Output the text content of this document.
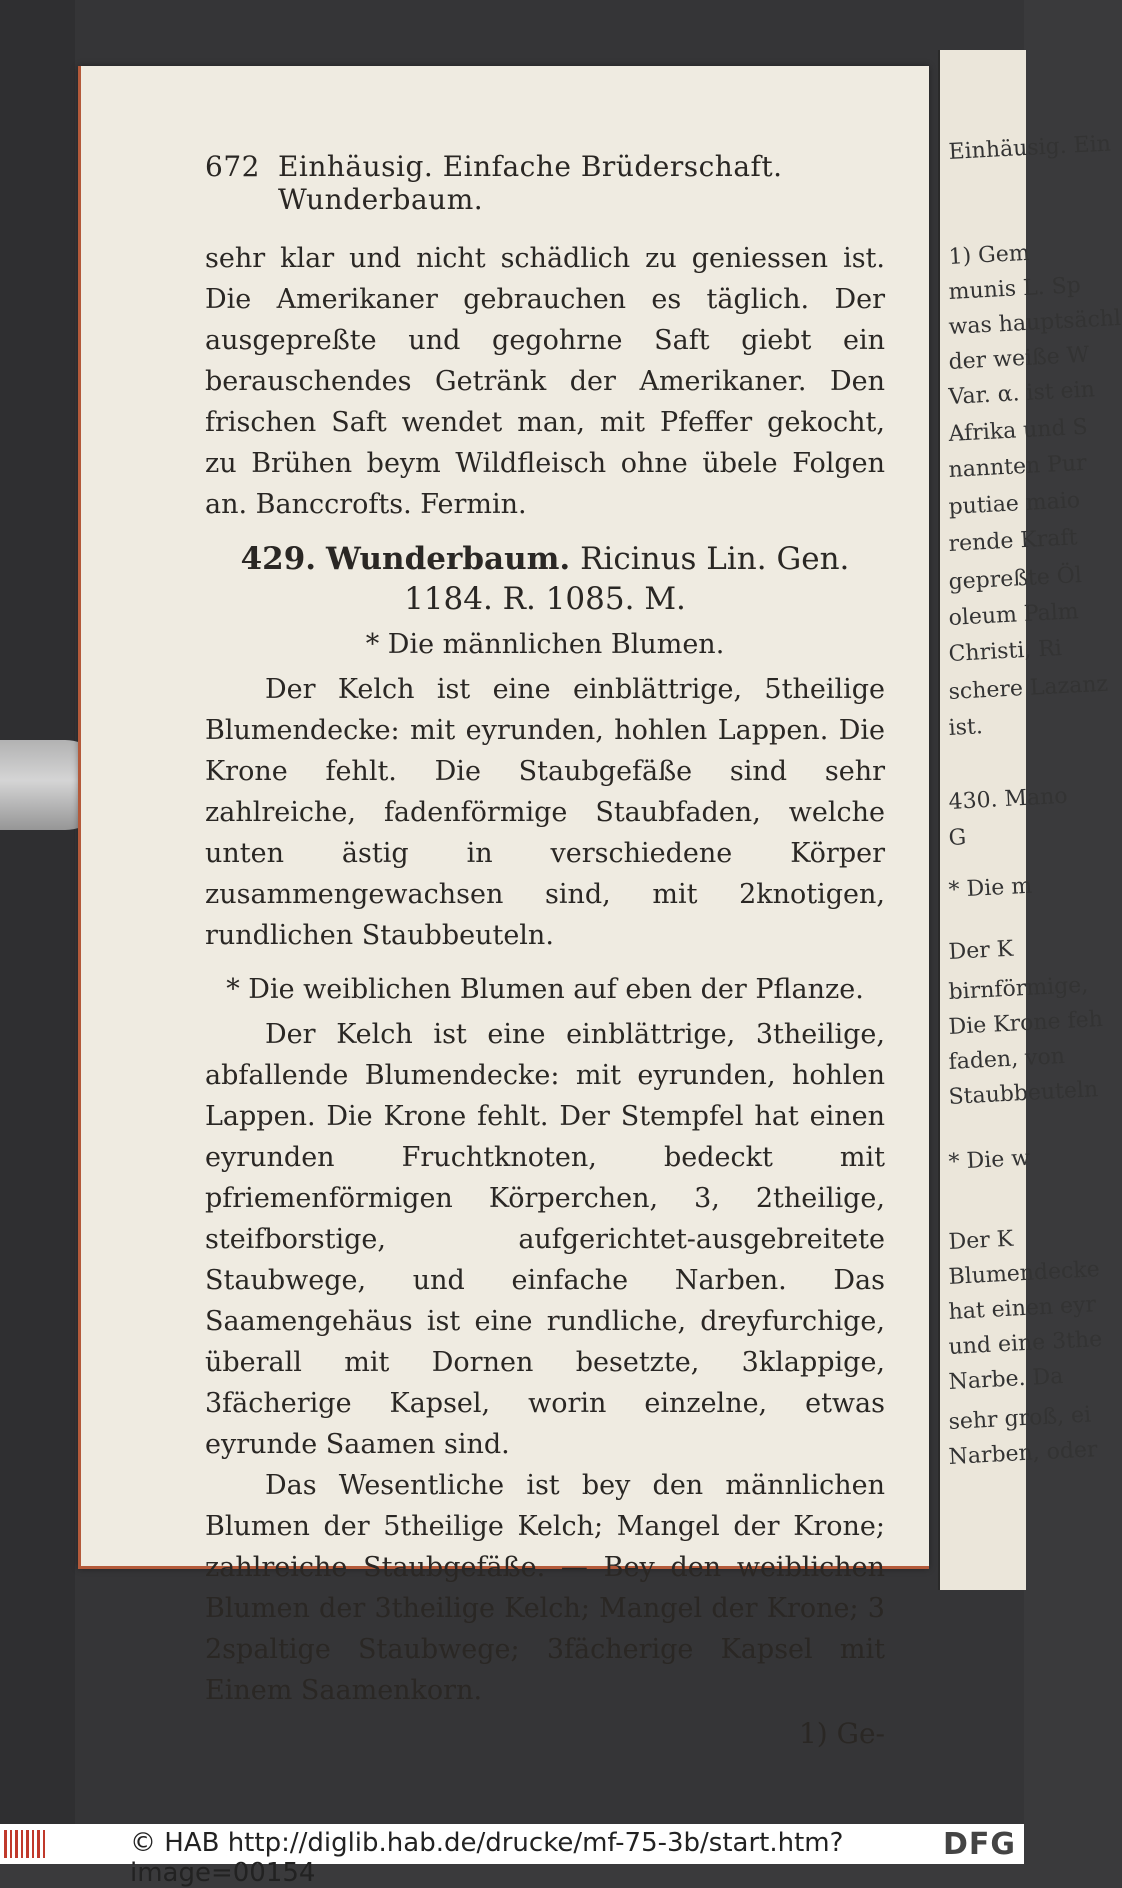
Einhäusig. Ein
1) Gem
munis L. Sp
was hauptsächl
der weiße W
Var. α. ist ein
Afrika und S
nannten Pur
putiae maio
rende Kraft
gepreßte Öl
oleum Palm
Christi, Ri
schere Lazanz
ist.
430. Mano
G
* Die m
Der K
birnförmige,
Die Krone feh
faden, von
Staubbeuteln
* Die w
Der K
Blumendecke
hat einen eyr
und eine 3the
Narbe. Da
sehr groß, ei
Narben, oder
672 Einhäusig. Einfache Brüderschaft. Wunderbaum.

sehr klar und nicht schädlich zu geniessen ist. Die Amerikaner gebrauchen es täglich. Der ausgepreßte und gegohrne Saft giebt ein berauschendes Getränk der Amerikaner. Den frischen Saft wendet man, mit Pfeffer gekocht, zu Brühen beym Wildfleisch ohne übele Folgen an. Banccrofts. Fermin.

429. Wunderbaum. Ricinus Lin. Gen.
1184. R. 1085. M.
* Die männlichen Blumen.

Der Kelch ist eine einblättrige, 5theilige Blumendecke: mit eyrunden, hohlen Lappen. Die Krone fehlt. Die Staubgefäße sind sehr zahlreiche, fadenförmige Staubfaden, welche unten ästig in verschiedene Körper zusammengewachsen sind, mit 2knotigen, rundlichen Staubbeuteln.

* Die weiblichen Blumen auf eben der Pflanze.

Der Kelch ist eine einblättrige, 3theilige, abfallende Blumendecke: mit eyrunden, hohlen Lappen. Die Krone fehlt. Der Stempfel hat einen eyrunden Fruchtknoten, bedeckt mit pfriemenförmigen Körperchen, 3, 2theilige, steifborstige, aufgerichtet-ausgebreitete Staubwege, und einfache Narben. Das Saamengehäus ist eine rundliche, dreyfurchige, überall mit Dornen besetzte, 3klappige, 3fächerige Kapsel, worin einzelne, etwas eyrunde Saamen sind.

Das Wesentliche ist bey den männlichen Blumen der 5theilige Kelch; Mangel der Krone; zahlreiche Staubgefäße. — Bey den weiblichen Blumen der 3theilige Kelch; Mangel der Krone; 3 2spaltige Staubwege; 3fächerige Kapsel mit Einem Saamenkorn.

1) Ge-
© HAB http://diglib.hab.de/drucke/mf-75-3b/start.htm?image=00154
DFG
